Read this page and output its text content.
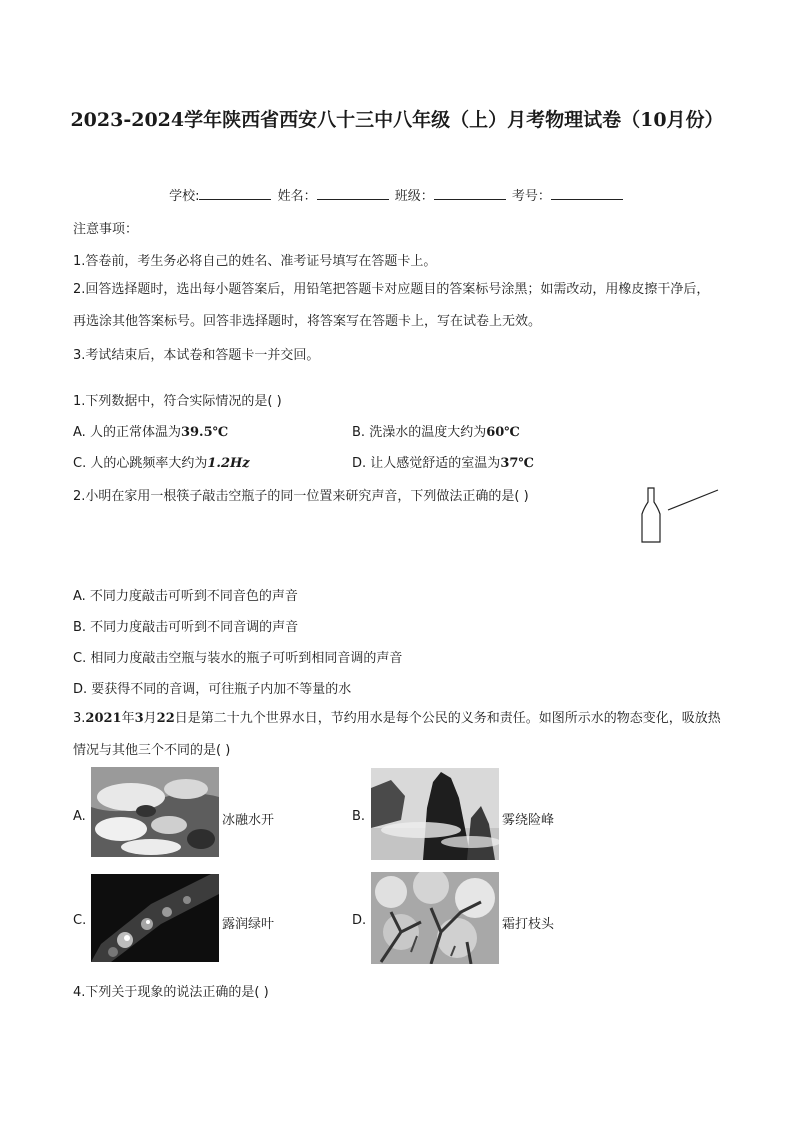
2023-2024学年陕西省西安八十三中八年级（上）月考物理试卷（10月份）
学校:	姓名：	班级：	考号：
注意事项：
1.答卷前，考生务必将自己的姓名、准考证号填写在答题卡上。
2.回答选择题时，选出每小题答案后，用铅笔把答题卡对应题目的答案标号涂黑；如需改动，用橡皮擦干净后，再选涂其他答案标号。回答非选择题时，将答案写在答题卡上，写在试卷上无效。
3.考试结束后，本试卷和答题卡一并交回。
1.下列数据中，符合实际情况的是( )
A. 人的正常体温为39.5℃	B. 洗澡水的温度大约为60℃
C. 人的心跳频率大约为1.2Hz	D. 让人感觉舒适的室温为37℃
2.小明在家用一根筷子敲击空瓶子的同一位置来研究声音，下列做法正确的是( )
A. 不同力度敲击可听到不同音色的声音
B. 不同力度敲击可听到不同音调的声音
C. 相同力度敲击空瓶与装水的瓶子可听到相同音调的声音
D. 要获得不同的音调，可往瓶子内加不等量的水
3.2021年3月22日是第二十九个世界水日，节约用水是每个公民的义务和责任。如图所示水的物态变化，吸放热情况与其他三个不同的是( )
A.	冰融水开	B.	雾绕险峰
C.	露润绿叶	D.	霜打枝头
4.下列关于现象的说法正确的是( )
